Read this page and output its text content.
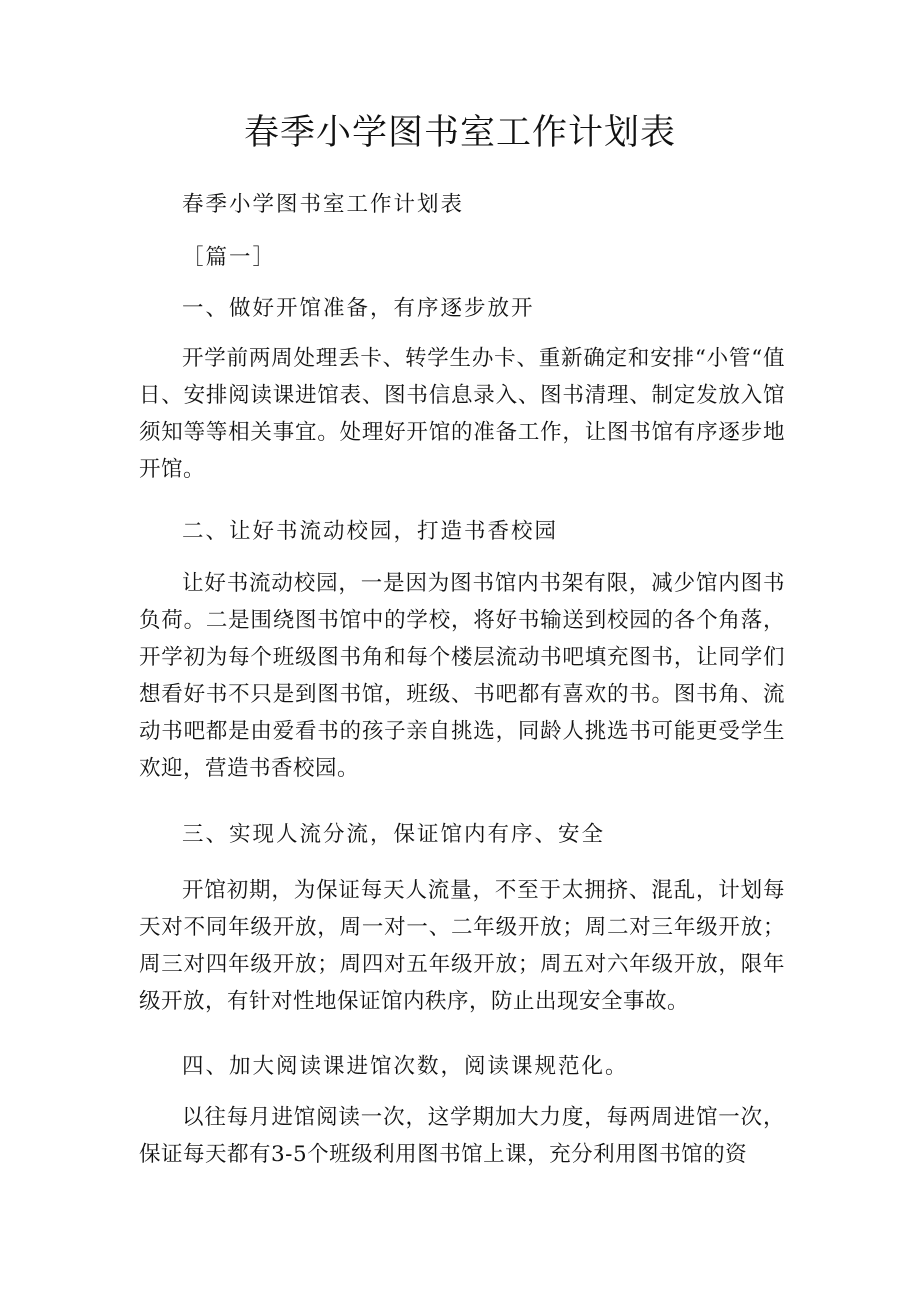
春季小学图书室工作计划表
春季小学图书室工作计划表
［篇一］
一、做好开馆准备，有序逐步放开
开学前两周处理丢卡、转学生办卡、重新确定和安排“小管“值日、安排阅读课进馆表、图书信息录入、图书清理、制定发放入馆须知等等相关事宜。处理好开馆的准备工作，让图书馆有序逐步地开馆。
二、让好书流动校园，打造书香校园
让好书流动校园，一是因为图书馆内书架有限，减少馆内图书负荷。二是围绕图书馆中的学校，将好书输送到校园的各个角落，开学初为每个班级图书角和每个楼层流动书吧填充图书，让同学们想看好书不只是到图书馆，班级、书吧都有喜欢的书。图书角、流动书吧都是由爱看书的孩子亲自挑选，同龄人挑选书可能更受学生欢迎，营造书香校园。
三、实现人流分流，保证馆内有序、安全
开馆初期，为保证每天人流量，不至于太拥挤、混乱，计划每天对不同年级开放，周一对一、二年级开放；周二对三年级开放；周三对四年级开放；周四对五年级开放；周五对六年级开放，限年级开放，有针对性地保证馆内秩序，防止出现安全事故。
四、加大阅读课进馆次数，阅读课规范化。
以往每月进馆阅读一次，这学期加大力度，每两周进馆一次，保证每天都有3-5个班级利用图书馆上课，充分利用图书馆的资
